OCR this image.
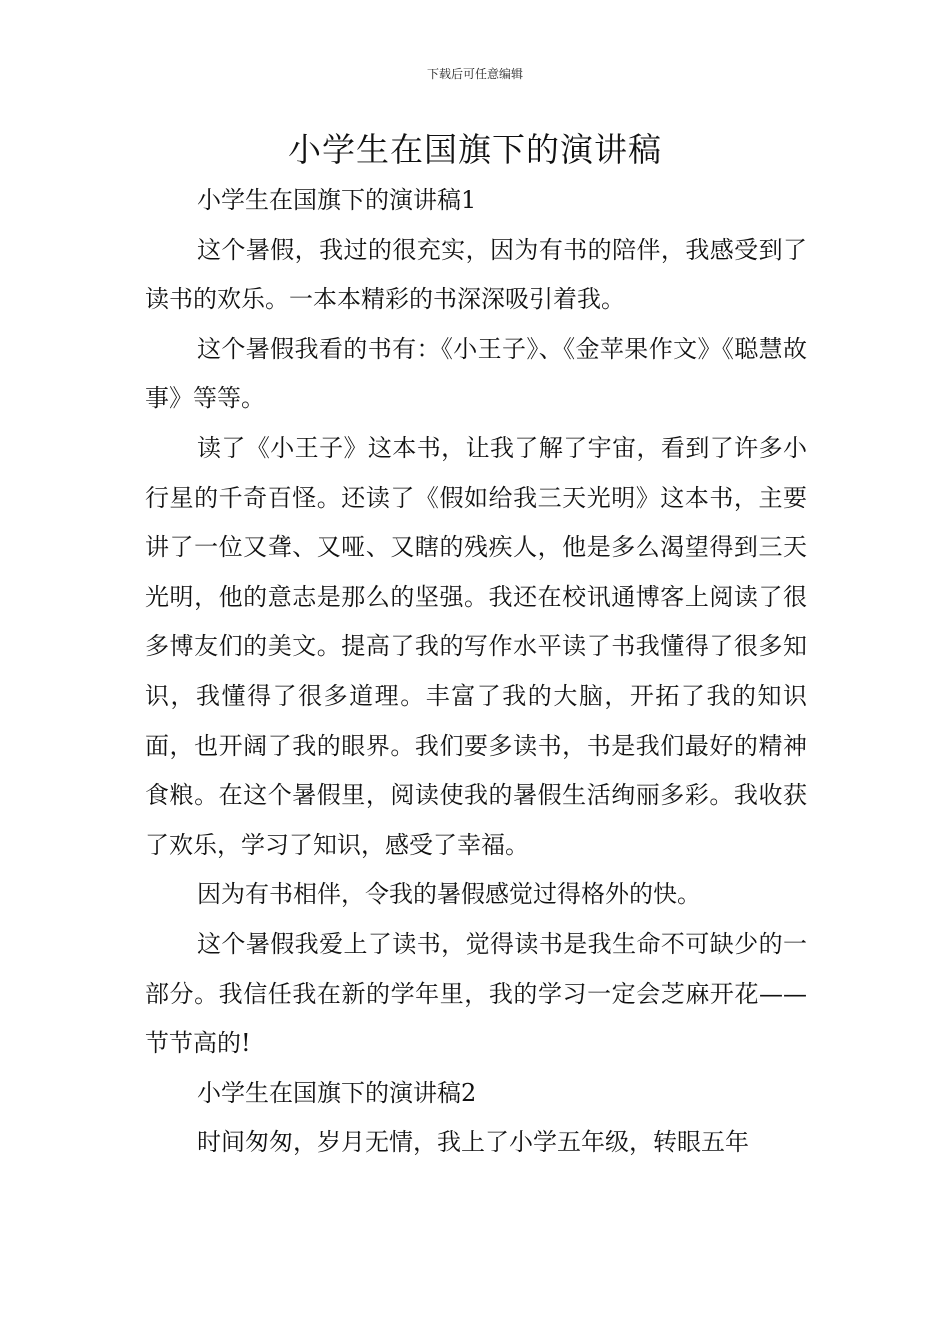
下载后可任意编辑
小学生在国旗下的演讲稿

小学生在国旗下的演讲稿1

这个暑假，我过的很充实，因为有书的陪伴，我感受到了读书的欢乐。一本本精彩的书深深吸引着我。

这个暑假我看的书有：《小王子》、《金苹果作文》《聪慧故事》等等。

读了《小王子》这本书，让我了解了宇宙，看到了许多小行星的千奇百怪。还读了《假如给我三天光明》这本书，主要讲了一位又聋、又哑、又瞎的残疾人，他是多么渴望得到三天光明，他的意志是那么的坚强。我还在校讯通博客上阅读了很多博友们的美文。提高了我的写作水平读了书我懂得了很多知识，我懂得了很多道理。丰富了我的大脑，开拓了我的知识面，也开阔了我的眼界。我们要多读书，书是我们最好的精神食粮。在这个暑假里，阅读使我的暑假生活绚丽多彩。我收获了欢乐，学习了知识，感受了幸福。

因为有书相伴，令我的暑假感觉过得格外的快。

这个暑假我爱上了读书，觉得读书是我生命不可缺少的一部分。我信任我在新的学年里，我的学习一定会芝麻开花——节节高的!

小学生在国旗下的演讲稿2

时间匆匆，岁月无情，我上了小学五年级，转眼五年
